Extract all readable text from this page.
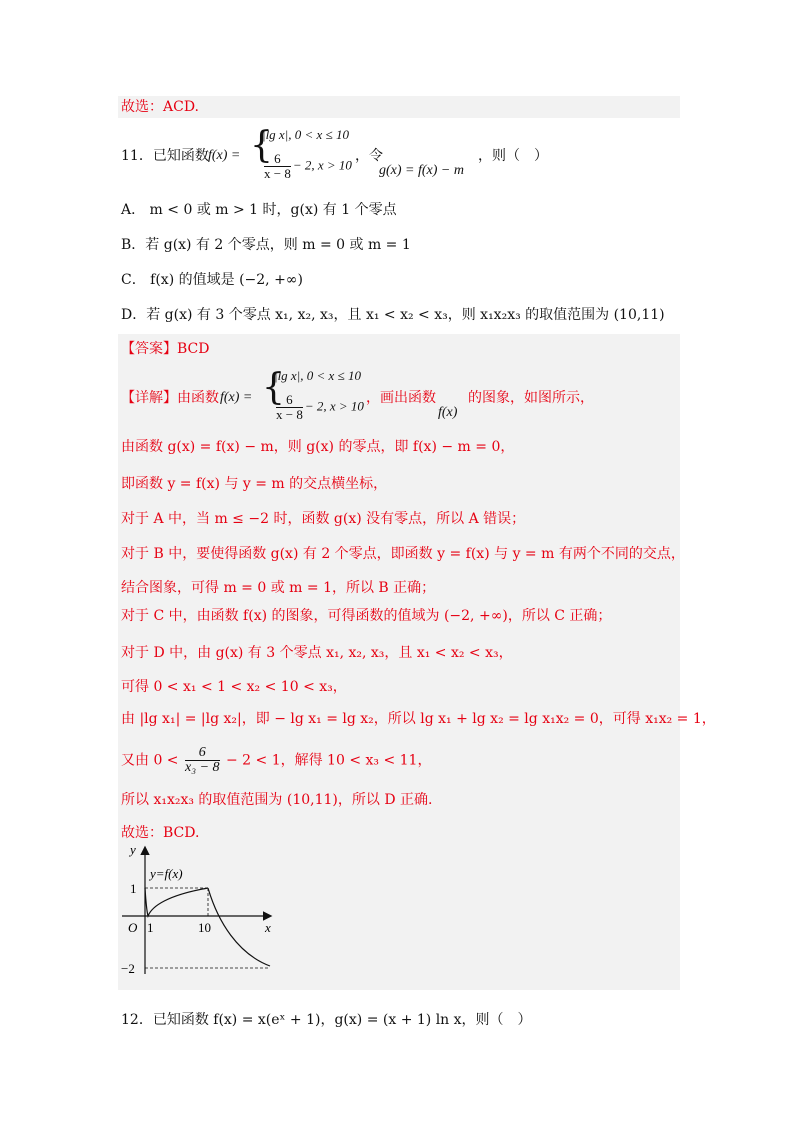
故选：ACD.
11．已知函数 f(x) = {
|lg x|, 0 < x ≤ 10
$\frac{6}{x - 8} - 2$, x > 10
，令
g(x) = f(x) − m
，则（　）
A． m < 0 或 m > 1 时，g(x) 有 1 个零点
B．若 g(x) 有 2 个零点，则 m = 0 或 m = 1
C． f(x) 的值域是 (−2, +∞)
D．若 g(x) 有 3 个零点 x₁, x₂, x₃，且 x₁ < x₂ < x₃，则 x₁x₂x₃ 的取值范围为 (10,11)
【答案】BCD
【详解】 由函数 f(x) = {
|lg x|, 0 < x ≤ 10
$\frac{6}{x - 8} - 2$, x > 10 ，画出函数
f(x)
的图象，如图所示，
由函数 g(x) = f(x) − m，则 g(x) 的零点，即 f(x) − m = 0，
即函数 y = f(x) 与 y = m 的交点横坐标，
对于 A 中，当 m ≤ −2 时，函数 g(x) 没有零点，所以 A 错误；
对于 B 中，要使得函数 g(x) 有 2 个零点，即函数 y = f(x) 与 y = m 有两个不同的交点，
结合图象，可得 m = 0 或 m = 1，所以 B 正确；
对于 C 中，由函数 f(x) 的图象，可得函数的值域为 (−2, +∞)，所以 C 正确；
对于 D 中，由 g(x) 有 3 个零点 x₁, x₂, x₃，且 x₁ < x₂ < x₃，
可得 0 < x₁ < 1 < x₂ < 10 < x₃，
由 |lg x₁| = |lg x₂|，即 − lg x₁ = lg x₂，所以 lg x₁ + lg x₂ = lg x₁x₂ = 0，可得 x₁x₂ = 1，
又由 $0 < \frac{6}{\text{x₃ − 8}} - 2 < 1$，解得 10 < x₃ < 11，
所以 x₁x₂x₃ 的取值范围为 (10,11)，所以 D 正确.
故选：BCD.
y
x
O
y=f(x)
1	10
1
−2
12．已知函数 f(x) = x(eˣ + 1)，g(x) = (x + 1) ln x，则（　）
